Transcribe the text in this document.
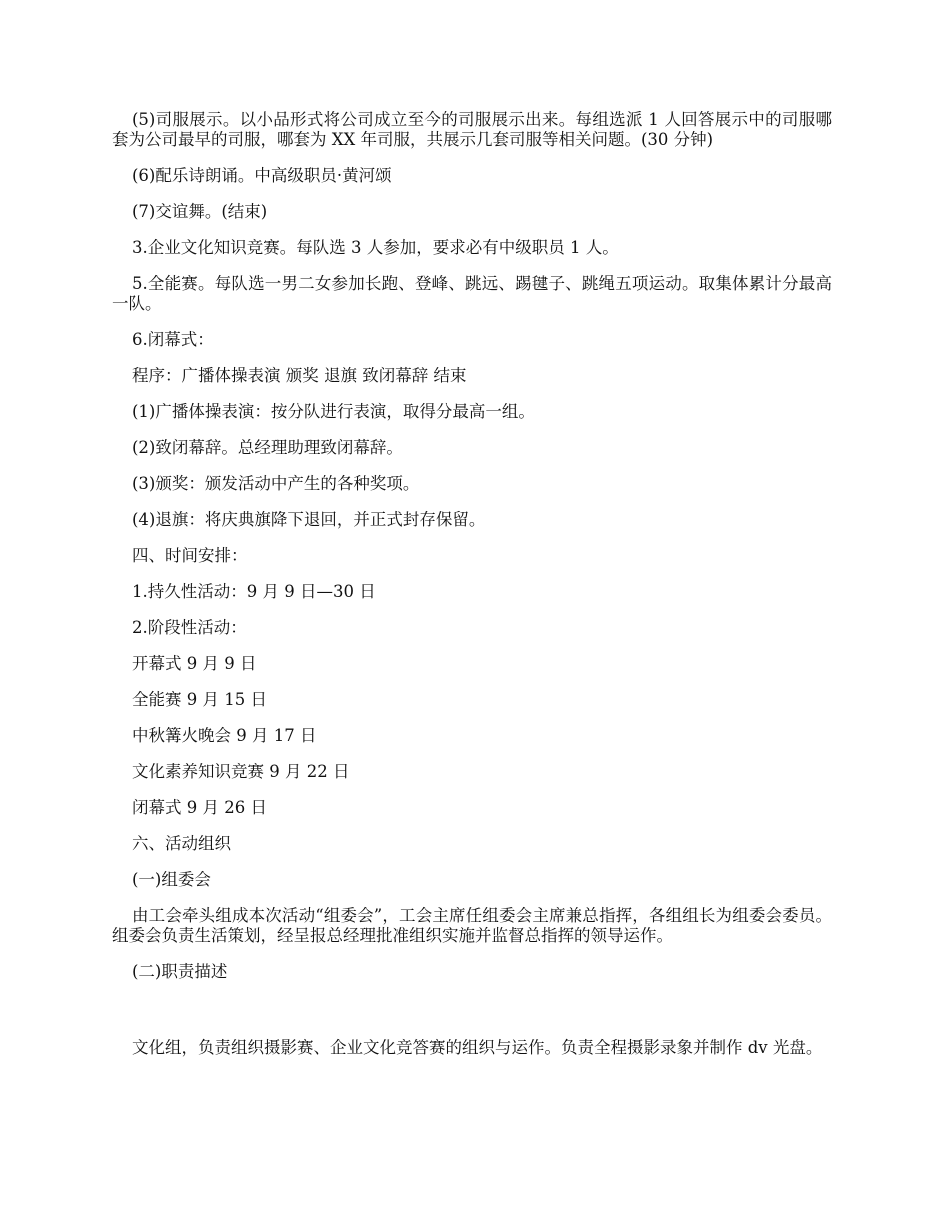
(5)司服展示。以小品形式将公司成立至今的司服展示出来。每组选派 1 人回答展示中的司服哪套为公司最早的司服，哪套为 XX 年司服，共展示几套司服等相关问题。(30 分钟)

(6)配乐诗朗诵。中高级职员·黄河颂

(7)交谊舞。(结束)

3.企业文化知识竞赛。每队选 3 人参加，要求必有中级职员 1 人。

5.全能赛。每队选一男二女参加长跑、登峰、跳远、踢毽子、跳绳五项运动。取集体累计分最高一队。

6.闭幕式：

程序：广播体操表演 颁奖 退旗 致闭幕辞 结束

(1)广播体操表演：按分队进行表演，取得分最高一组。

(2)致闭幕辞。总经理助理致闭幕辞。

(3)颁奖：颁发活动中产生的各种奖项。

(4)退旗：将庆典旗降下退回，并正式封存保留。

四、时间安排：

1.持久性活动：9 月 9 日—30 日

2.阶段性活动：

开幕式 9 月 9 日

全能赛 9 月 15 日

中秋篝火晚会 9 月 17 日

文化素养知识竞赛 9 月 22 日

闭幕式 9 月 26 日

六、活动组织

(一)组委会

由工会牵头组成本次活动“组委会”，工会主席任组委会主席兼总指挥，各组组长为组委会委员。组委会负责生活策划，经呈报总经理批准组织实施并监督总指挥的领导运作。

(二)职责描述

文化组，负责组织摄影赛、企业文化竞答赛的组织与运作。负责全程摄影录象并制作 dv 光盘。
